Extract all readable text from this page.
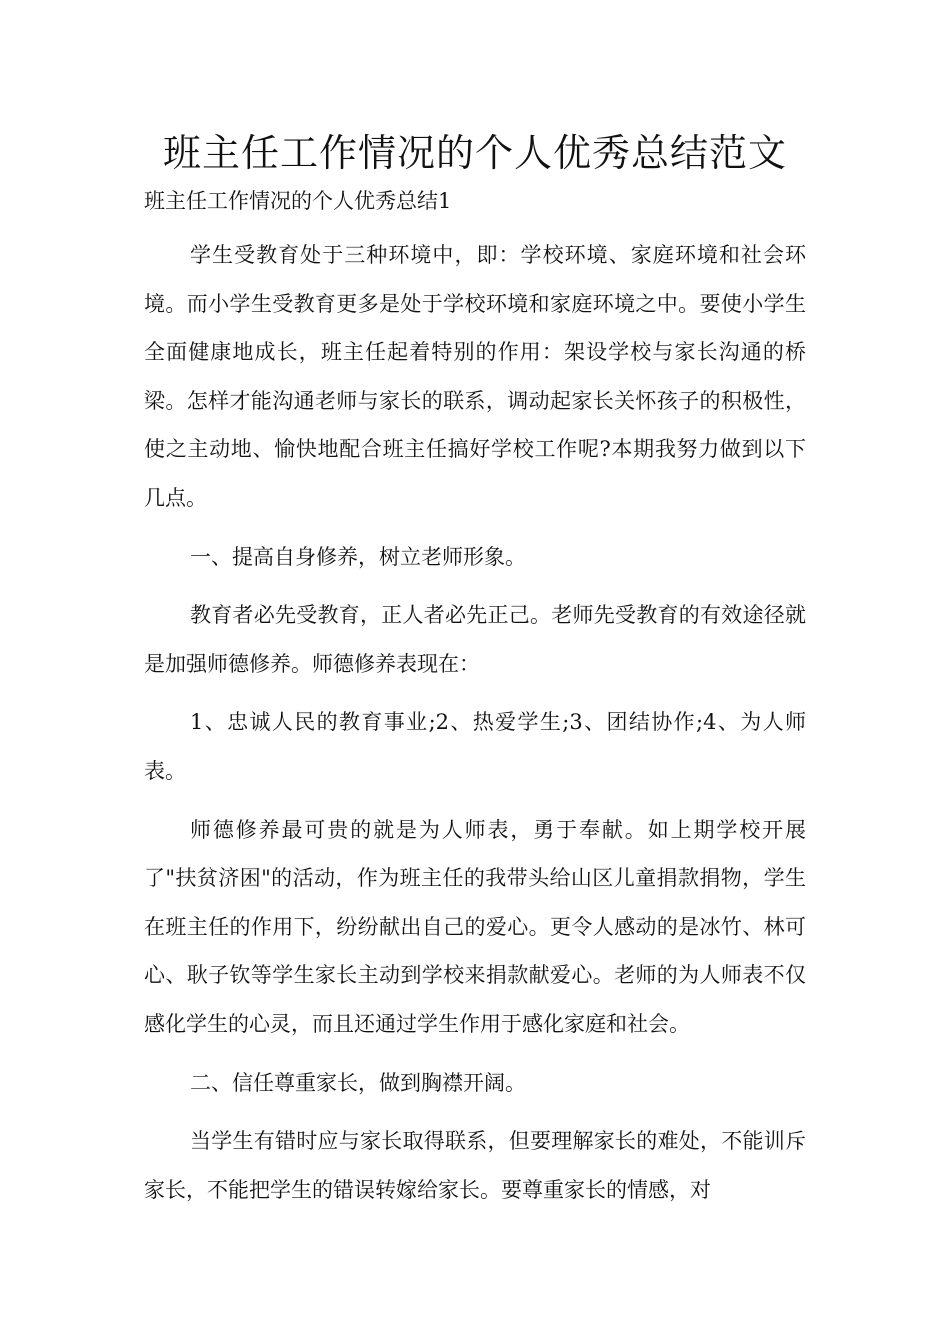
班主任工作情况的个人优秀总结范文
班主任工作情况的个人优秀总结1

学生受教育处于三种环境中，即：学校环境、家庭环境和社会环境。而小学生受教育更多是处于学校环境和家庭环境之中。要使小学生全面健康地成长，班主任起着特别的作用：架设学校与家长沟通的桥梁。怎样才能沟通老师与家长的联系，调动起家长关怀孩子的积极性，使之主动地、愉快地配合班主任搞好学校工作呢?本期我努力做到以下几点。

一、提高自身修养，树立老师形象。

教育者必先受教育，正人者必先正己。老师先受教育的有效途径就是加强师德修养。师德修养表现在：

1、忠诚人民的教育事业;2、热爱学生;3、团结协作;4、为人师表。

师德修养最可贵的就是为人师表，勇于奉献。如上期学校开展了"扶贫济困"的活动，作为班主任的我带头给山区儿童捐款捐物，学生在班主任的作用下，纷纷献出自己的爱心。更令人感动的是冰竹、林可心、耿子钦等学生家长主动到学校来捐款献爱心。老师的为人师表不仅感化学生的心灵，而且还通过学生作用于感化家庭和社会。

二、信任尊重家长，做到胸襟开阔。

当学生有错时应与家长取得联系，但要理解家长的难处，不能训斥家长，不能把学生的错误转嫁给家长。要尊重家长的情感，对
